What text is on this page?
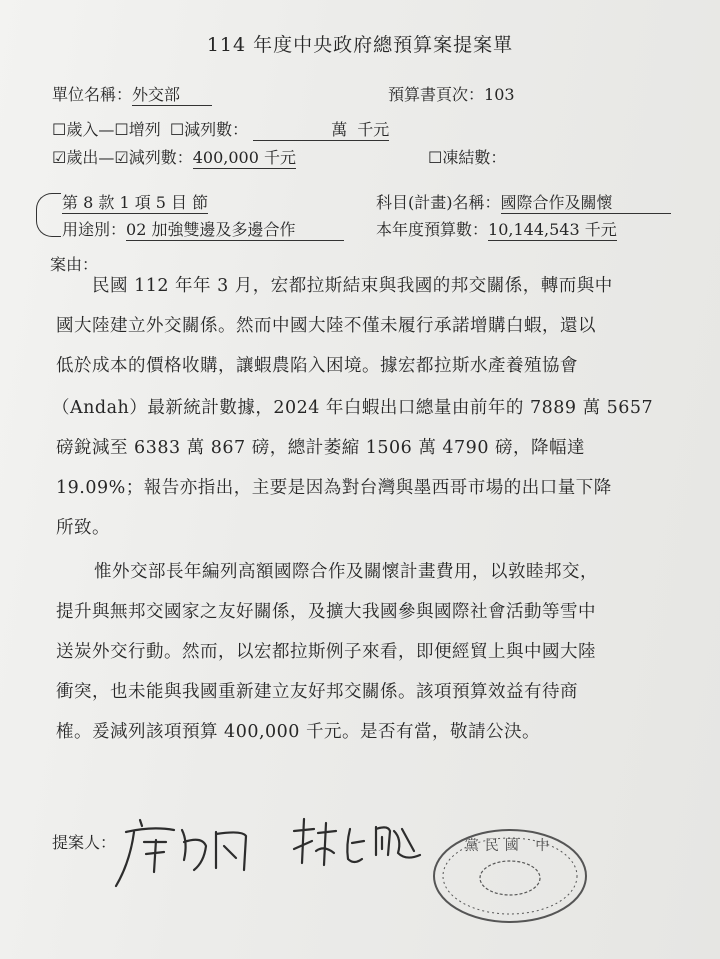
114 年度中央政府總預算案提案單
單位名稱：外交部	預算書頁次：103
☐歲入—☐增列 ☐減列數：	萬 千元
☑歲出—☑減列數：400,000 千元	☐凍結數：
第 8 款 1 項 5 目 節	科目(計畫)名稱：國際合作及關懷
用途別：02 加強雙邊及多邊合作	本年度預算數：10,144,543 千元
案由：
民國 112 年年 3 月，宏都拉斯結束與我國的邦交關係，轉而與中
國大陸建立外交關係。然而中國大陸不僅未履行承諾增購白蝦，還以
低於成本的價格收購，讓蝦農陷入困境。據宏都拉斯水產養殖協會
（Andah）最新統計數據，2024 年白蝦出口總量由前年的 7889 萬 5657
磅銳減至 6383 萬 867 磅，總計萎縮 1506 萬 4790 磅，降幅達
19.09%；報告亦指出，主要是因為對台灣與墨西哥市場的出口量下降
所致。
惟外交部長年編列高額國際合作及關懷計畫費用，以敦睦邦交，
提升與無邦交國家之友好關係，及擴大我國參與國際社會活動等雪中
送炭外交行動。然而，以宏都拉斯例子來看，即便經貿上與中國大陸
衝突，也未能與我國重新建立友好邦交關係。該項預算效益有待商
榷。爰減列該項預算 400,000 千元。是否有當，敬請公決。
提案人：	黨民國 中
